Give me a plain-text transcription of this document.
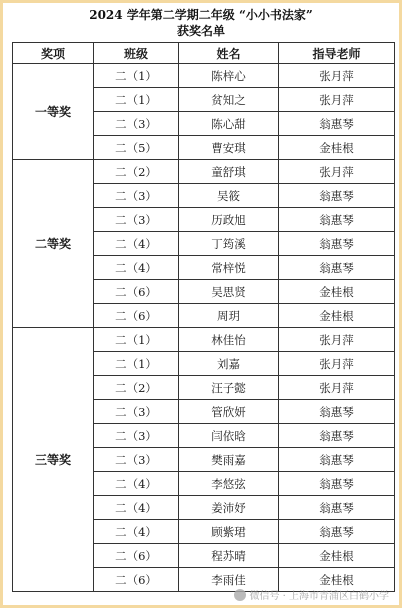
2024 学年第二学期二年级 “小小书法家”
获奖名单
奖项	班级	姓名	指导老师
一等奖	二（1）	陈梓心	张月萍
	二（1）	贫知之	张月萍
	二（3）	陈心甜	翁惠琴
	二（5）	曹安琪	金桂根
二等奖	二（2）	童舒琪	张月萍
	二（3）	吴筱	翁惠琴
	二（3）	历政旭	翁惠琴
	二（4）	丁筠溪	翁惠琴
	二（4）	常梓悦	翁惠琴
	二（6）	吴思贤	金桂根
	二（6）	周玥	金桂根
三等奖	二（1）	林佳怡	张月萍
	二（1）	刘嘉	张月萍
	二（2）	汪子懿	张月萍
	二（3）	管欣妍	翁惠琴
	二（3）	闫依晗	翁惠琴
	二（3）	樊雨嘉	翁惠琴
	二（4）	李悠弦	翁惠琴
	二（4）	姜沛妤	翁惠琴
	二（4）	顾紫珺	翁惠琴
	二（6）	程苏晴	金桂根
	二（6）	李雨佳	金桂根
微信号 · 上海市青浦区白鹤小学
